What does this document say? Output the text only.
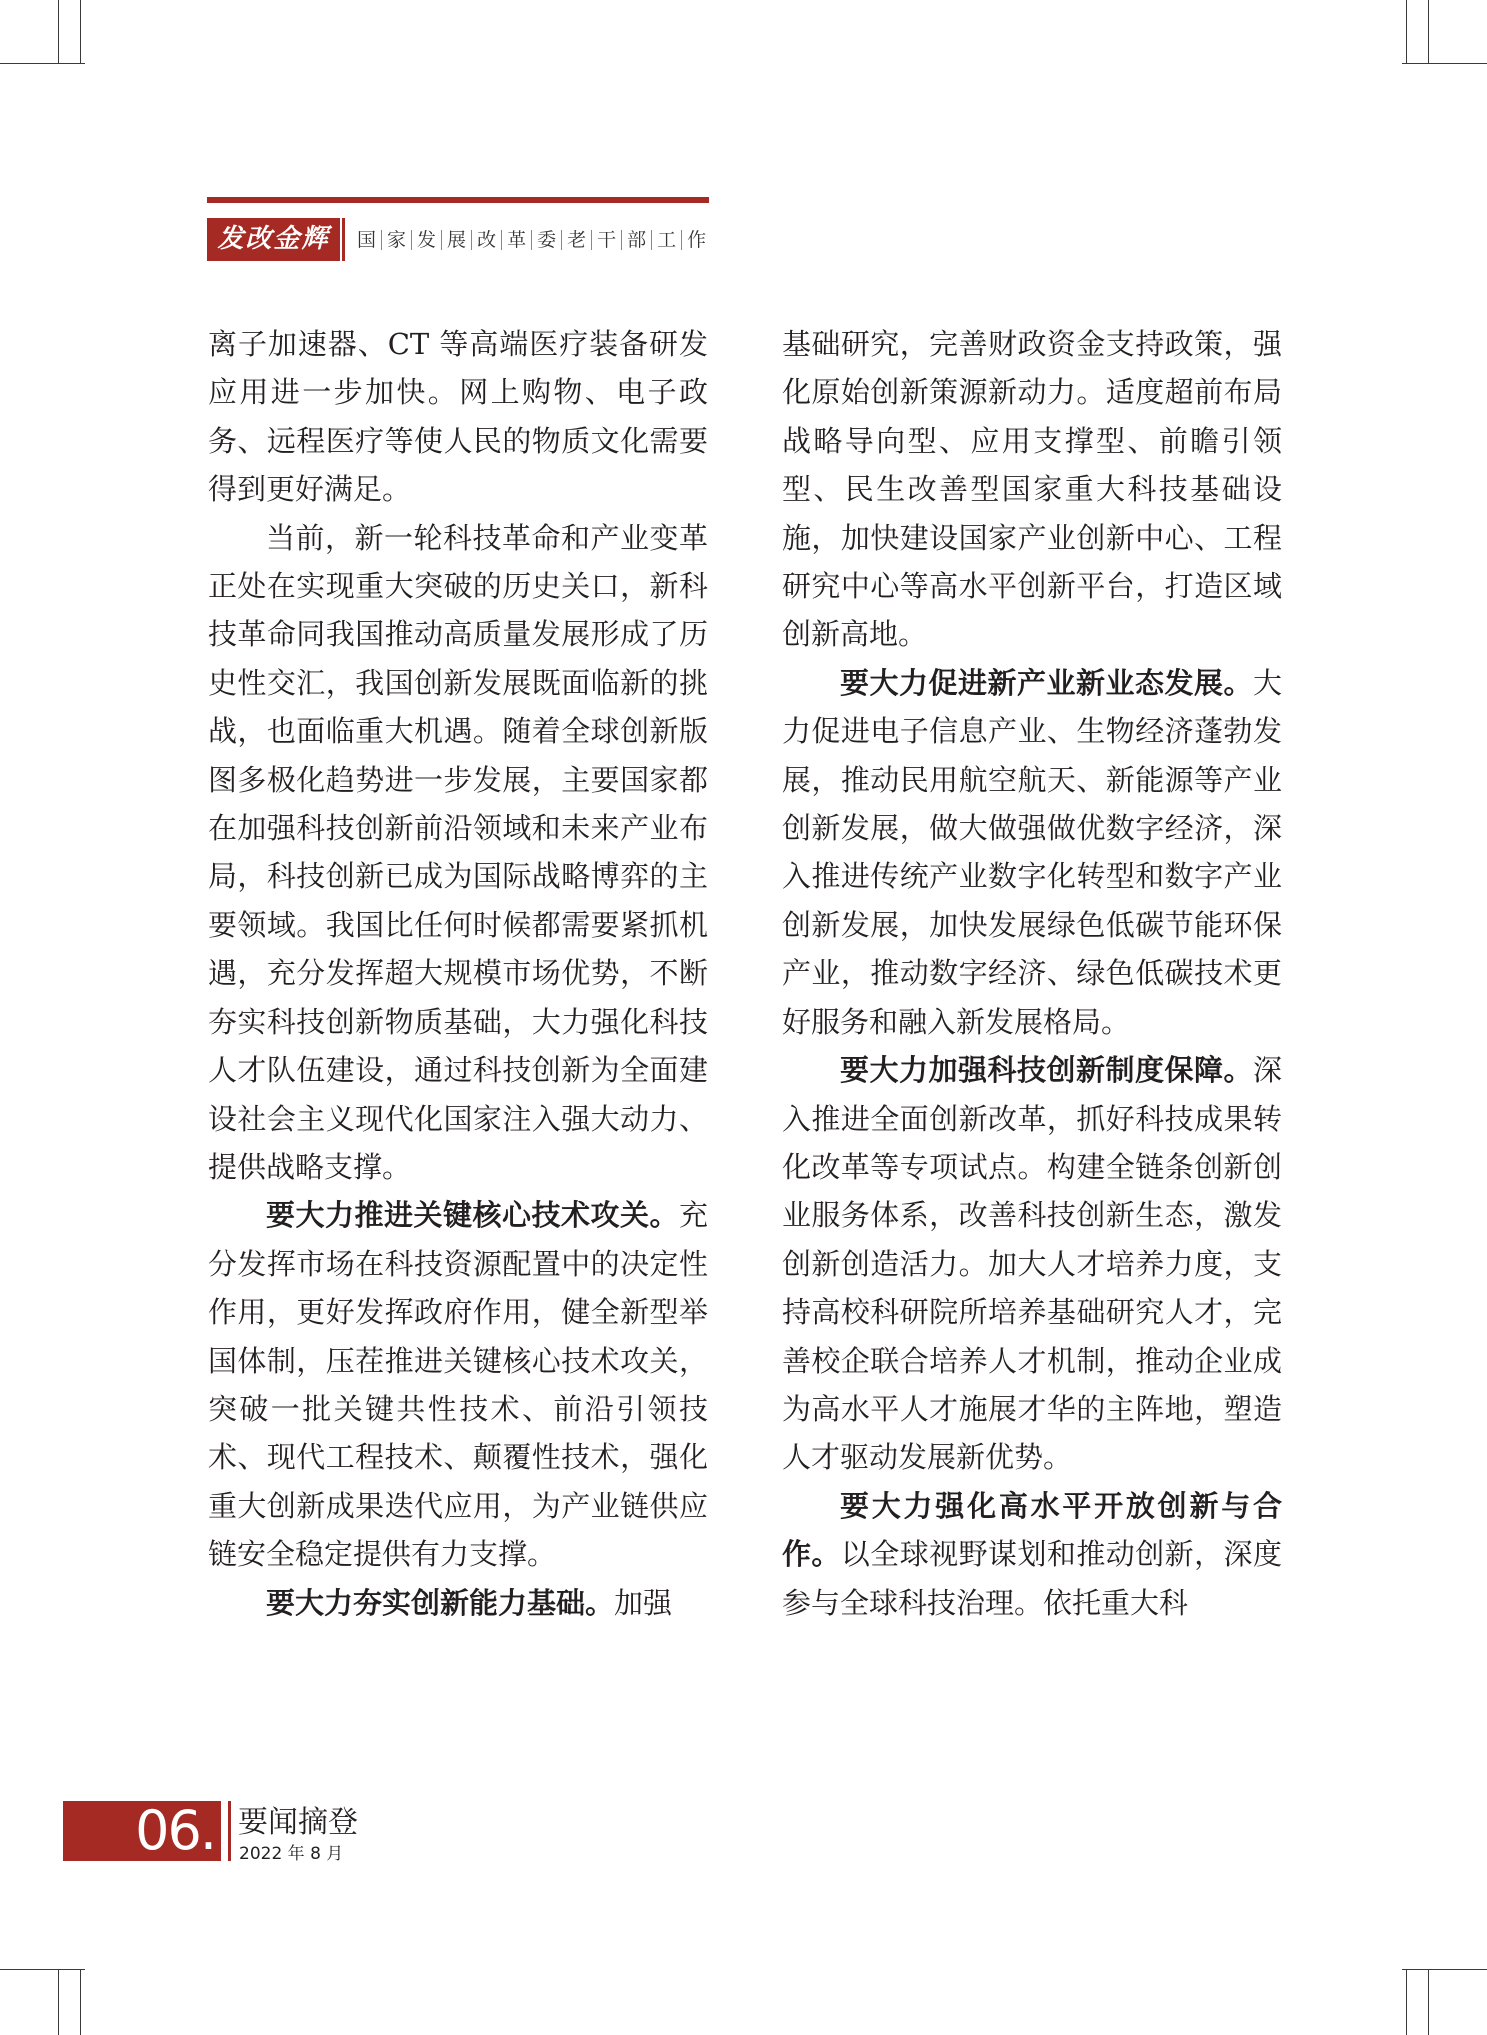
发改金辉	国 家 发 展 改 革 委 老 干 部 工 作

离子加速器、CT 等高端医疗装备研发应用进一步加快。网上购物、电子政务、远程医疗等使人民的物质文化需要得到更好满足。

当前，新一轮科技革命和产业变革正处在实现重大突破的历史关口，新科技革命同我国推动高质量发展形成了历史性交汇，我国创新发展既面临新的挑战，也面临重大机遇。随着全球创新版图多极化趋势进一步发展，主要国家都在加强科技创新前沿领域和未来产业布局，科技创新已成为国际战略博弈的主要领域。我国比任何时候都需要紧抓机遇，充分发挥超大规模市场优势，不断夯实科技创新物质基础，大力强化科技人才队伍建设，通过科技创新为全面建设社会主义现代化国家注入强大动力、提供战略支撑。

要大力推进关键核心技术攻关。充分发挥市场在科技资源配置中的决定性作用，更好发挥政府作用，健全新型举国体制，压茬推进关键核心技术攻关，突破一批关键共性技术、前沿引领技术、现代工程技术、颠覆性技术，强化重大创新成果迭代应用，为产业链供应链安全稳定提供有力支撑。

要大力夯实创新能力基础。加强

基础研究，完善财政资金支持政策，强化原始创新策源新动力。适度超前布局战略导向型、应用支撑型、前瞻引领型、民生改善型国家重大科技基础设施，加快建设国家产业创新中心、工程研究中心等高水平创新平台，打造区域创新高地。

要大力促进新产业新业态发展。大力促进电子信息产业、生物经济蓬勃发展，推动民用航空航天、新能源等产业创新发展，做大做强做优数字经济，深入推进传统产业数字化转型和数字产业创新发展，加快发展绿色低碳节能环保产业，推动数字经济、绿色低碳技术更好服务和融入新发展格局。

要大力加强科技创新制度保障。深入推进全面创新改革，抓好科技成果转化改革等专项试点。构建全链条创新创业服务体系，改善科技创新生态，激发创新创造活力。加大人才培养力度，支持高校科研院所培养基础研究人才，完善校企联合培养人才机制，推动企业成为高水平人才施展才华的主阵地，塑造人才驱动发展新优势。

要大力强化高水平开放创新与合作。以全球视野谋划和推动创新，深度参与全球科技治理。依托重大科

06. 要闻摘登
2022 年 8 月
